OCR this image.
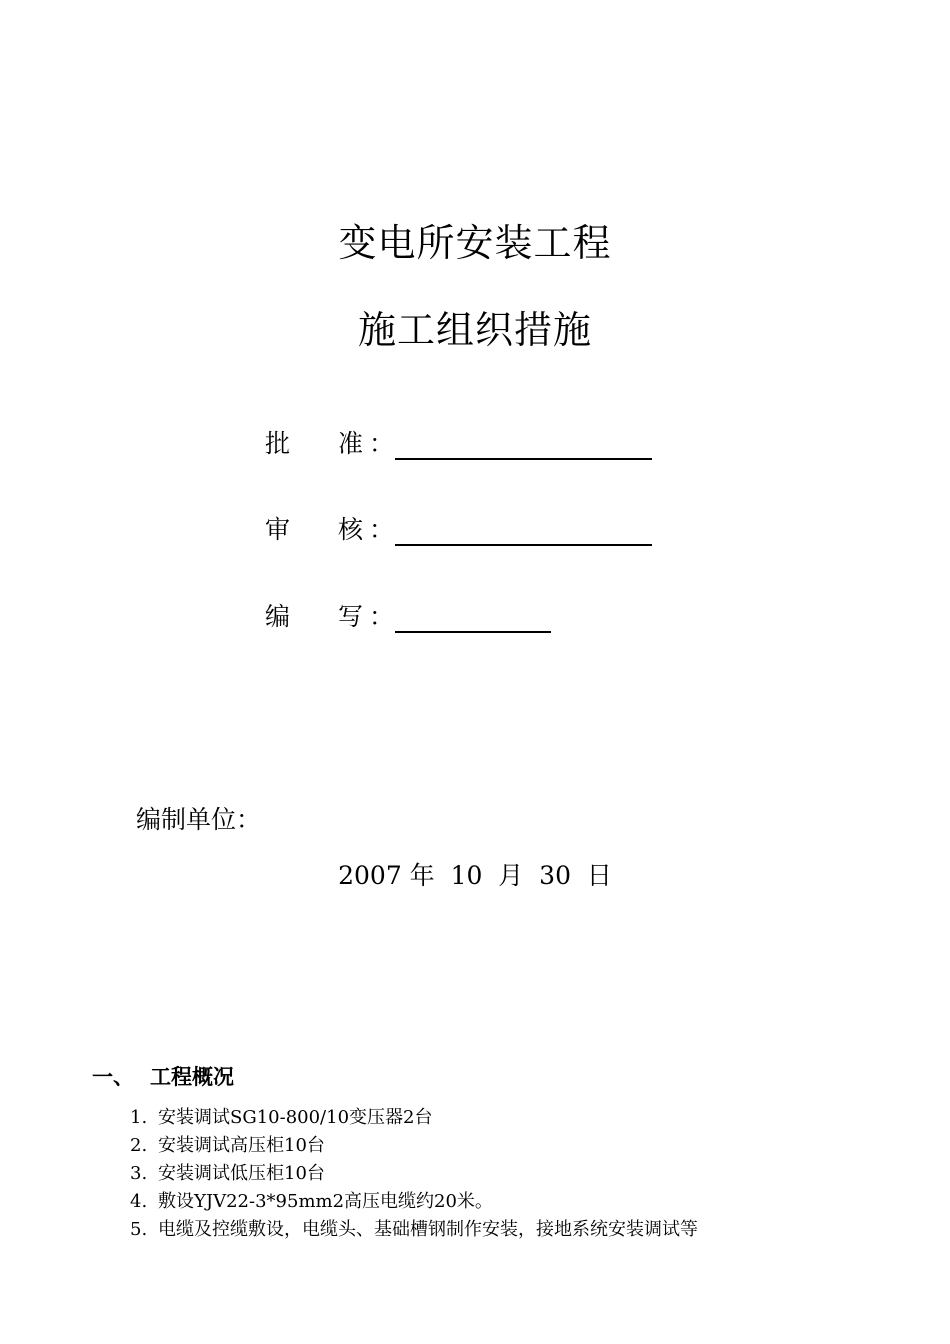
变电所安装工程
施工组织措施
批 准 ：
审 核 ：
编 写 ：
编制单位：
2007 年  10  月  30  日
一、 工程概况
1. 安装调试SG10-800/10变压器2台
2. 安装调试高压柜10台
3. 安装调试低压柜10台
4. 敷设YJV22-3*95mm2高压电缆约20米。
5. 电缆及控缆敷设，电缆头、基础槽钢制作安装，接地系统安装调试等
